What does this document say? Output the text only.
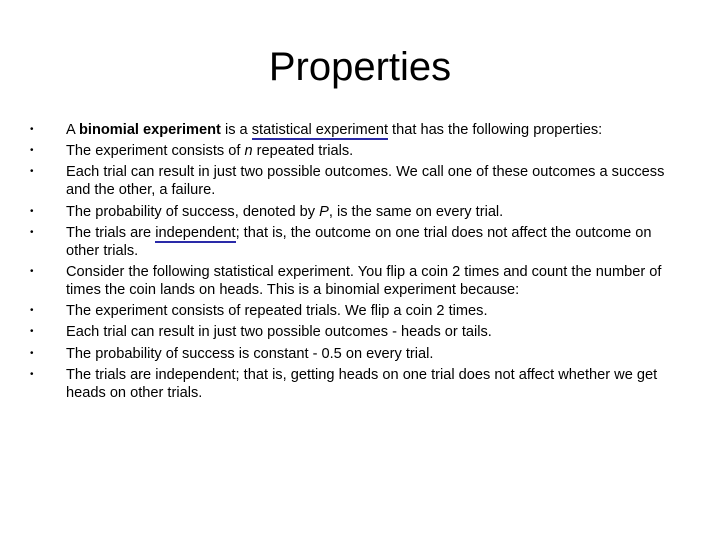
Properties
•	A binomial experiment is a statistical experiment that has the following properties:
•	The experiment consists of n repeated trials.
•	Each trial can result in just two possible outcomes. We call one of these outcomes a success and the other, a failure.
•	The probability of success, denoted by P, is the same on every trial.
•	The trials are independent; that is, the outcome on one trial does not affect the outcome on other trials.
•	Consider the following statistical experiment. You flip a coin 2 times and count the number of times the coin lands on heads. This is a binomial experiment because:
•	The experiment consists of repeated trials. We flip a coin 2 times.
•	Each trial can result in just two possible outcomes - heads or tails.
•	The probability of success is constant - 0.5 on every trial.
•	The trials are independent; that is, getting heads on one trial does not affect whether we get heads on other trials.
